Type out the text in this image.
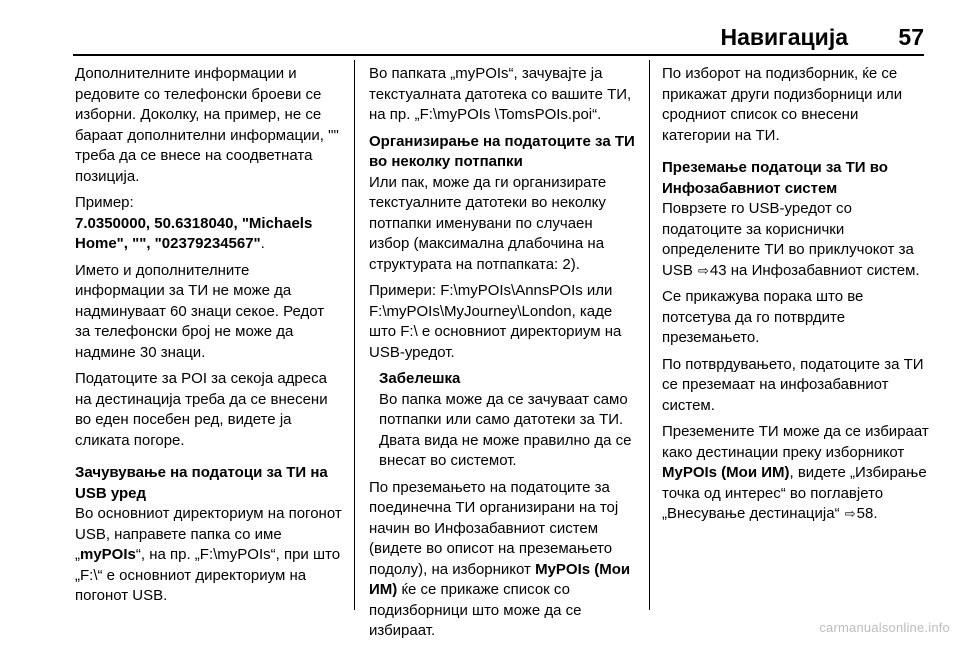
Навигација 57

Дополнителните информации и редовите со телефонски броеви се изборни. Доколку, на пример, не се бараат дополнителни информации, "" треба да се внесе на соодветната позиција.

Пример:
7.0350000, 50.6318040, "Michaels Home", "", "02379234567".

Името и дополнителните информации за ТИ не може да надминуваат 60 знаци секое. Редот за телефонски број не може да надмине 30 знаци.

Податоците за POI за секоја адреса на дестинација треба да се внесени во еден посебен ред, видете ја сликата погоре.

Зачувување на податоци за ТИ на USB уред

Во основниот директориум на погонот USB, направете папка со име „myPOIs“, на пр. „F:\myPOIs“, при што „F:\“ е основниот директориум на погонот USB.

Во папката „myPOIs“, зачувајте ја текстуалната датотека со вашите ТИ, на пр. „F:\myPOIs \TomsPOIs.poi“.

Организирање на податоците за ТИ во неколку потпапки

Или пак, може да ги организирате текстуалните датотеки во неколку потпапки именувани по случаен избор (максимална длабочина на структурата на потпапката: 2).

Примери: F:\myPOIs\AnnsPOIs или F:\myPOIs\MyJourney\London, каде што F:\ е основниот директориум на USB-уредот.

Забелешка
Во папка може да се зачуваат само потпапки или само датотеки за ТИ. Двата вида не може правилно да се внесат во системот.

По преземањето на податоците за поединечна ТИ организирани на тој начин во Инфозабавниот систем (видете во описот на преземањето подолу), на изборникот MyPOIs (Мои ИМ) ќе се прикаже список со подизборници што може да се избираат.

По изборот на подизборник, ќе се прикажат други подизборници или сродниот список со внесени категории на ТИ.

Преземање податоци за ТИ во Инфозабавниот систем

Поврзете го USB-уредот со податоците за кориснички определените ТИ во приклучокот за USB ⇨43 на Инфозабавниот систем.

Се прикажува порака што ве потсетува да го потврдите преземањето.

По потврдувањето, податоците за ТИ се преземаат на инфозабавниот систем.

Преземените ТИ може да се избираат како дестинации преку изборникот MyPOIs (Мои ИМ), видете „Избирање точка од интерес“ во поглавјето „Внесување дестинација“ ⇨58.

carmanualsonline.info
